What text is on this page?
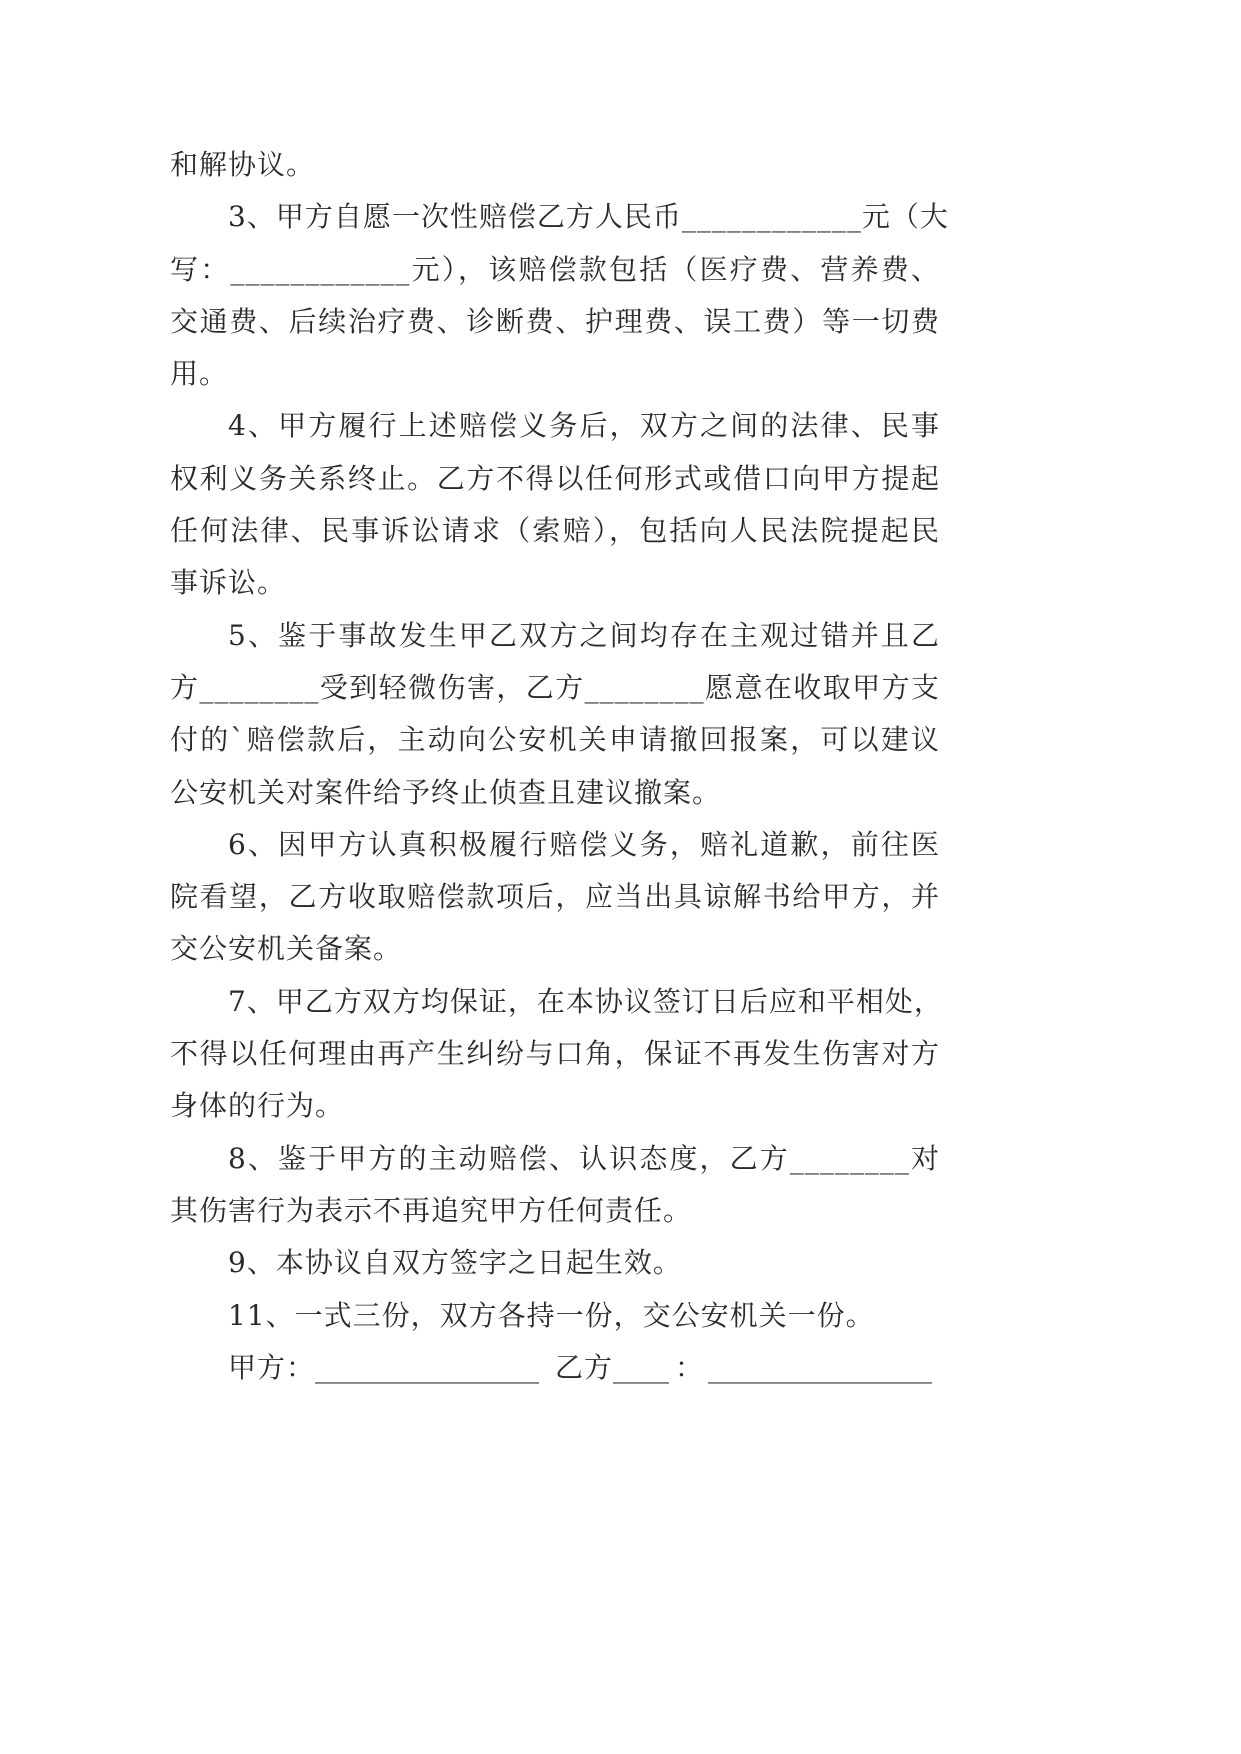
和解协议。
3、甲方自愿一次性赔偿乙方人民币____________元（大
写：____________元），该赔偿款包括（医疗费、营养费、
交通费、后续治疗费、诊断费、护理费、误工费）等一切费
用。
4、甲方履行上述赔偿义务后，双方之间的法律、民事
权利义务关系终止。乙方不得以任何形式或借口向甲方提起
任何法律、民事诉讼请求（索赔），包括向人民法院提起民
事诉讼。
5、鉴于事故发生甲乙双方之间均存在主观过错并且乙
方________受到轻微伤害，乙方________愿意在收取甲方支
付的`赔偿款后，主动向公安机关申请撤回报案，可以建议
公安机关对案件给予终止侦查且建议撤案。
6、因甲方认真积极履行赔偿义务，赔礼道歉，前往医
院看望，乙方收取赔偿款项后，应当出具谅解书给甲方，并
交公安机关备案。
7、甲乙方双方均保证，在本协议签订日后应和平相处，
不得以任何理由再产生纠纷与口角，保证不再发生伤害对方
身体的行为。
8、鉴于甲方的主动赔偿、认识态度，乙方________对
其伤害行为表示不再追究甲方任何责任。
9、本协议自双方签字之日起生效。
11、一式三份，双方各持一份，交公安机关一份。
甲方： ________________ 乙方 ____ ： ________________
